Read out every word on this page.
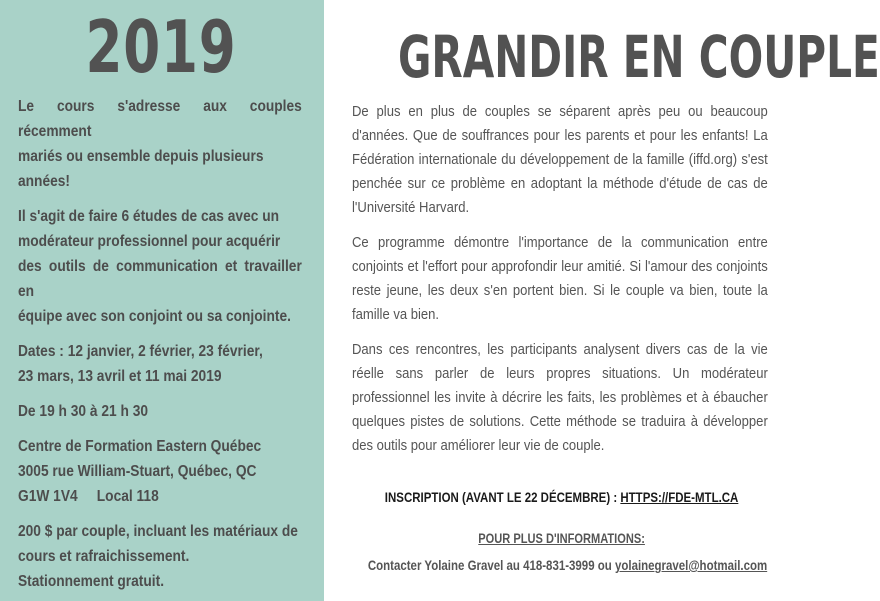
2019

Le cours s'adresse aux couples récemment
mariés ou ensemble depuis plusieurs
années!

Il s'agit de faire 6 études de cas avec un
modérateur professionnel pour acquérir
des outils de communication et travailler en
équipe avec son conjoint ou sa conjointe.

Dates : 12 janvier, 2 février, 23 février,
23 mars, 13 avril et 11 mai 2019

De 19 h 30 à 21 h 30

Centre de Formation Eastern Québec
3005 rue William-Stuart, Québec, QC
G1W 1V4     Local 118

200 $ par couple, incluant les matériaux de
cours et rafraichissement.
Stationnement gratuit.

GRANDIR EN COUPLE

De plus en plus de couples se séparent après peu ou beaucoup d'années. Que de souffrances pour les parents et pour les enfants! La Fédération internationale du développement de la famille (iffd.org) s'est penchée sur ce problème en adoptant la méthode d'étude de cas de l'Université Harvard.

Ce programme démontre l'importance de la communication entre conjoints et l'effort pour approfondir leur amitié. Si l'amour des conjoints reste jeune, les deux s'en portent bien. Si le couple va bien, toute la famille va bien.

Dans ces rencontres, les participants analysent divers cas de la vie réelle sans parler de leurs propres situations. Un modérateur professionnel les invite à décrire les faits, les problèmes et à ébaucher quelques pistes de solutions. Cette méthode se traduira à développer des outils pour améliorer leur vie de couple.

INSCRIPTION (AVANT LE 22 DÉCEMBRE) : HTTPS://FDE-MTL.CA
POUR PLUS D'INFORMATIONS:
Contacter Yolaine Gravel au 418-831-3999 ou yolainegravel@hotmail.com
